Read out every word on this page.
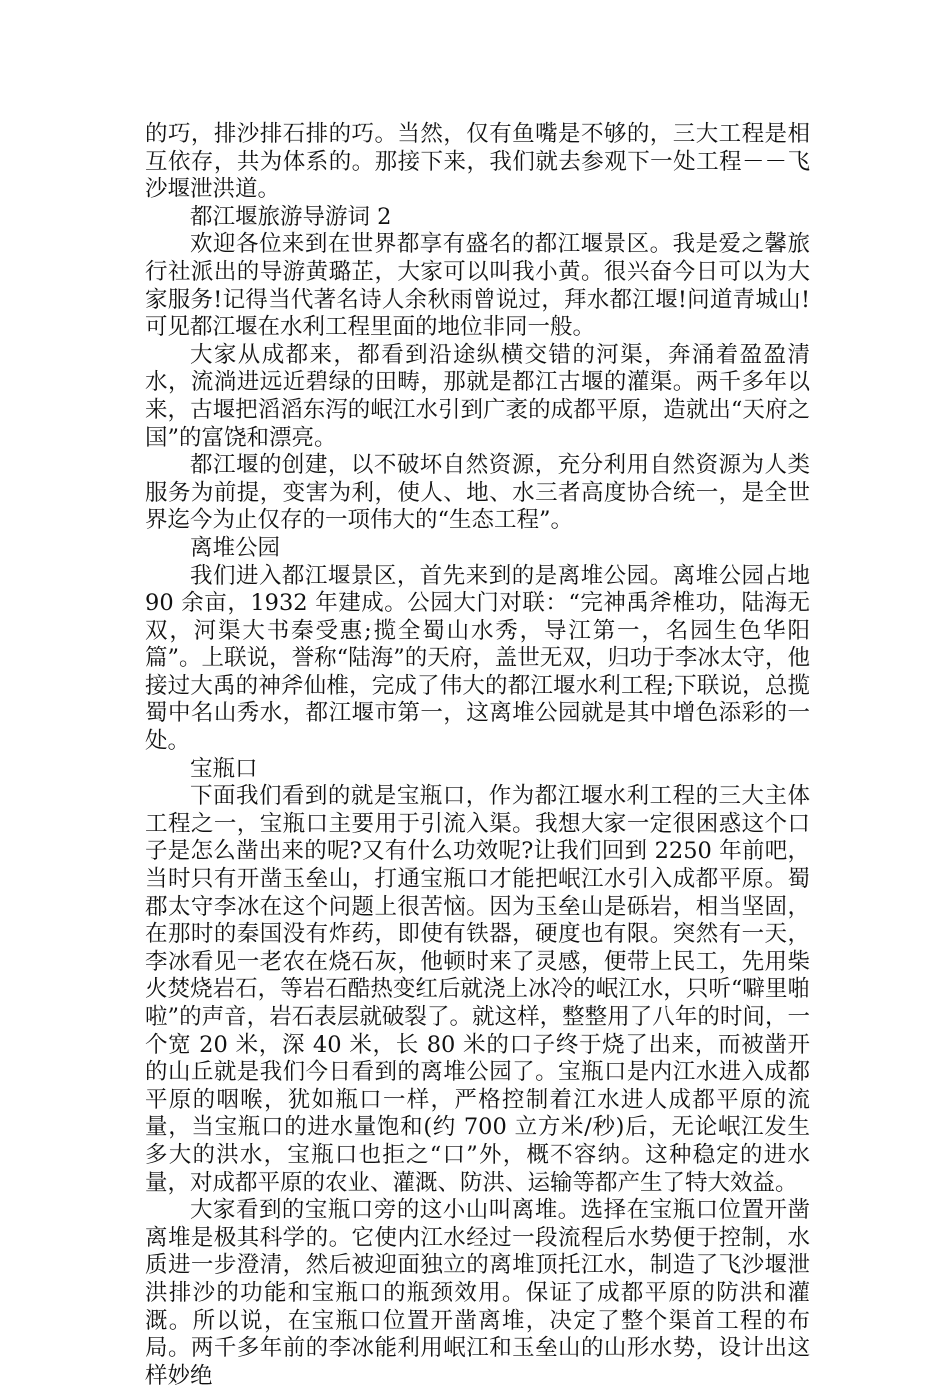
的巧，排沙排石排的巧。当然，仅有鱼嘴是不够的，三大工程是相互依存，共为体系的。那接下来，我们就去参观下一处工程－－飞沙堰泄洪道。

都江堰旅游导游词 2

欢迎各位来到在世界都享有盛名的都江堰景区。我是爱之馨旅行社派出的导游黄璐芷，大家可以叫我小黄。很兴奋今日可以为大家服务!记得当代著名诗人余秋雨曾说过，拜水都江堰!问道青城山!可见都江堰在水利工程里面的地位非同一般。

大家从成都来，都看到沿途纵横交错的河渠，奔涌着盈盈清水，流淌进远近碧绿的田畴，那就是都江古堰的灌渠。两千多年以来，古堰把滔滔东泻的岷江水引到广袤的成都平原，造就出“天府之国”的富饶和漂亮。

都江堰的创建，以不破坏自然资源，充分利用自然资源为人类服务为前提，变害为利，使人、地、水三者高度协合统一，是全世界迄今为止仅存的一项伟大的“生态工程”。

离堆公园

我们进入都江堰景区，首先来到的是离堆公园。离堆公园占地 90 余亩，1932 年建成。公园大门对联：“完神禹斧椎功，陆海无双，河渠大书秦受惠;揽全蜀山水秀，导江第一，名园生色华阳篇”。上联说，誉称“陆海”的天府，盖世无双，归功于李冰太守，他接过大禹的神斧仙椎，完成了伟大的都江堰水利工程;下联说，总揽蜀中名山秀水，都江堰市第一，这离堆公园就是其中增色添彩的一处。

宝瓶口

下面我们看到的就是宝瓶口，作为都江堰水利工程的三大主体工程之一，宝瓶口主要用于引流入渠。我想大家一定很困惑这个口子是怎么凿出来的呢?又有什么功效呢?让我们回到 2250 年前吧，当时只有开凿玉垒山，打通宝瓶口才能把岷江水引入成都平原。蜀郡太守李冰在这个问题上很苦恼。因为玉垒山是砾岩，相当坚固，在那时的秦国没有炸药，即使有铁器，硬度也有限。突然有一天，李冰看见一老农在烧石灰，他顿时来了灵感，便带上民工，先用柴火焚烧岩石，等岩石酷热变红后就浇上冰冷的岷江水，只听“噼里啪啦”的声音，岩石表层就破裂了。就这样，整整用了八年的时间，一个宽 20 米，深 40 米，长 80 米的口子终于烧了出来，而被凿开的山丘就是我们今日看到的离堆公园了。宝瓶口是内江水进入成都平原的咽喉，犹如瓶口一样，严格控制着江水进人成都平原的流量，当宝瓶口的进水量饱和(约 700 立方米/秒)后，无论岷江发生多大的洪水，宝瓶口也拒之“口”外，概不容纳。这种稳定的进水量，对成都平原的农业、灌溉、防洪、运输等都产生了特大效益。

大家看到的宝瓶口旁的这小山叫离堆。选择在宝瓶口位置开凿离堆是极其科学的。它使内江水经过一段流程后水势便于控制，水质进一步澄清，然后被迎面独立的离堆顶托江水，制造了飞沙堰泄洪排沙的功能和宝瓶口的瓶颈效用。保证了成都平原的防洪和灌溉。所以说，在宝瓶口位置开凿离堆，决定了整个渠首工程的布局。两千多年前的李冰能利用岷江和玉垒山的山形水势，设计出这样妙绝
